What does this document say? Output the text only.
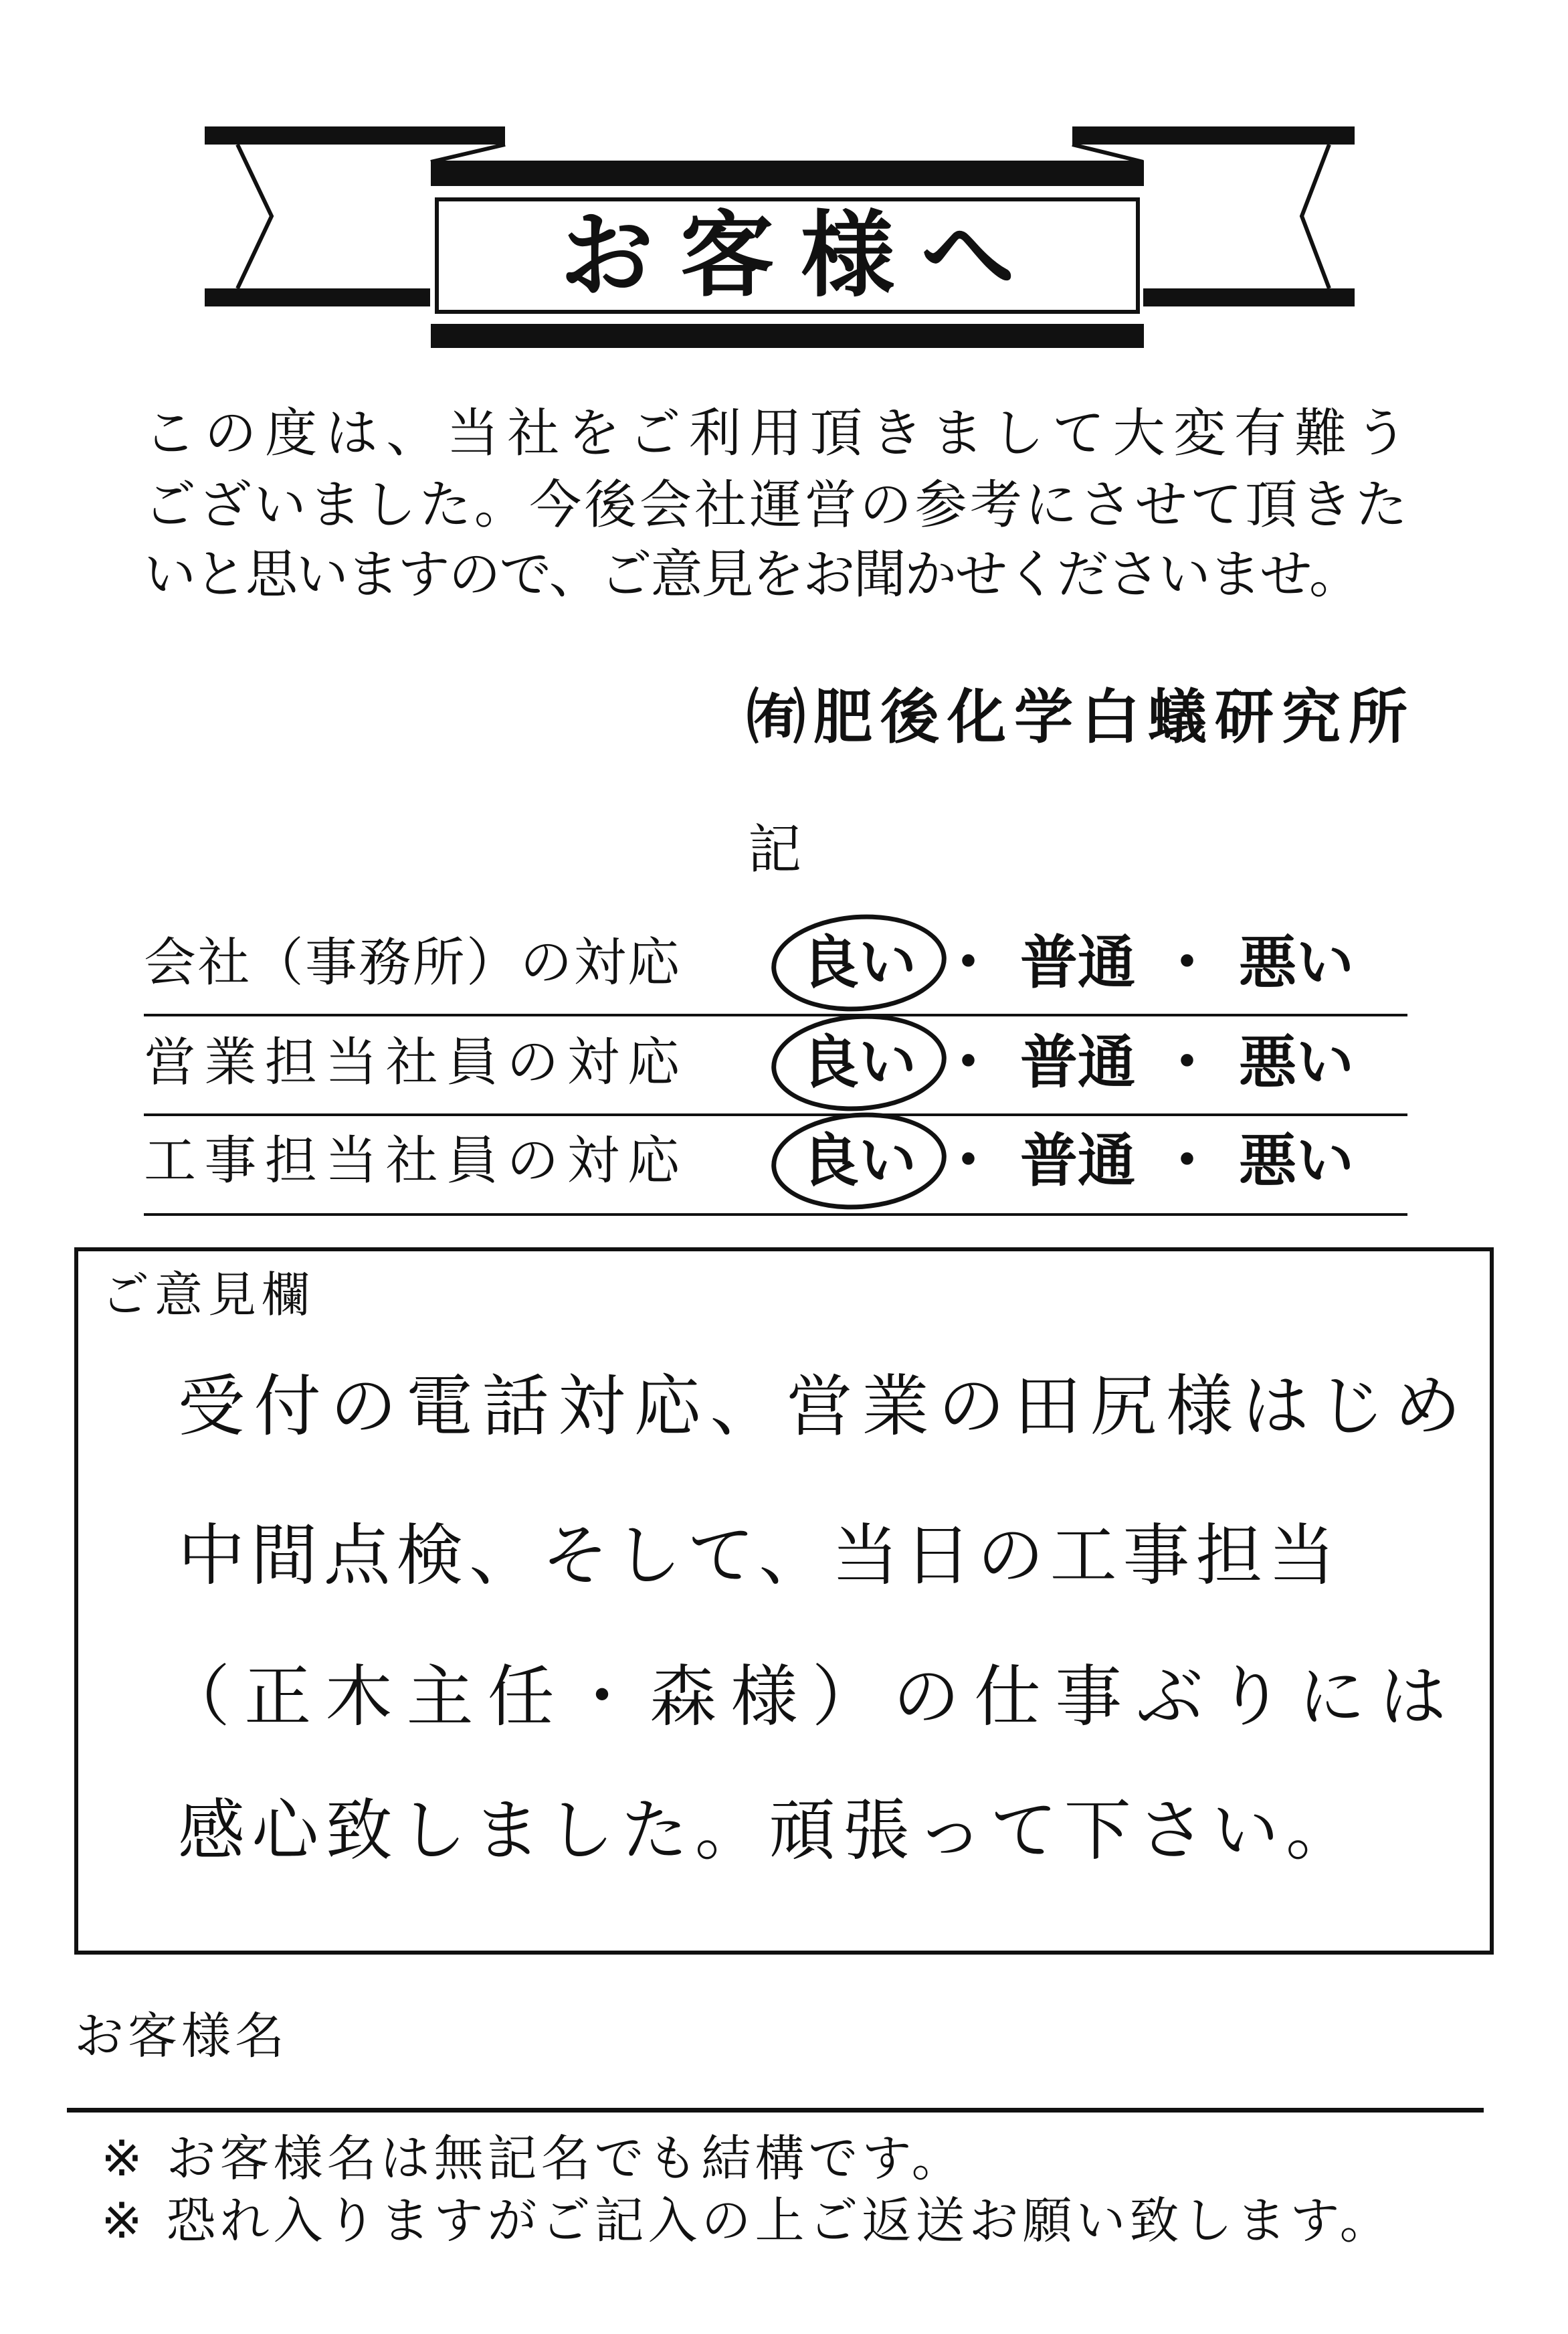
お客様へ
この度は、当社をご利用頂きまして大変有難う
ございました。今後会社運営の参考にさせて頂きた
いと思いますので、ご意見をお聞かせくださいませ。
㈲肥後化学白蟻研究所
記
会社（事務所）の対応 良い ・ 普通 ・ 悪い
営業担当社員の対応 良い ・ 普通 ・ 悪い
工事担当社員の対応 良い ・ 普通 ・ 悪い
ご意見欄
受付の電話対応、営業の田尻様はじめ
中間点検、そして、当日の工事担当
（正木主任・森様）の仕事ぶりには
感心致しました。頑張って下さい。
お客様名
※ お客様名は無記名でも結構です。
※ 恐れ入りますがご記入の上ご返送お願い致します。
